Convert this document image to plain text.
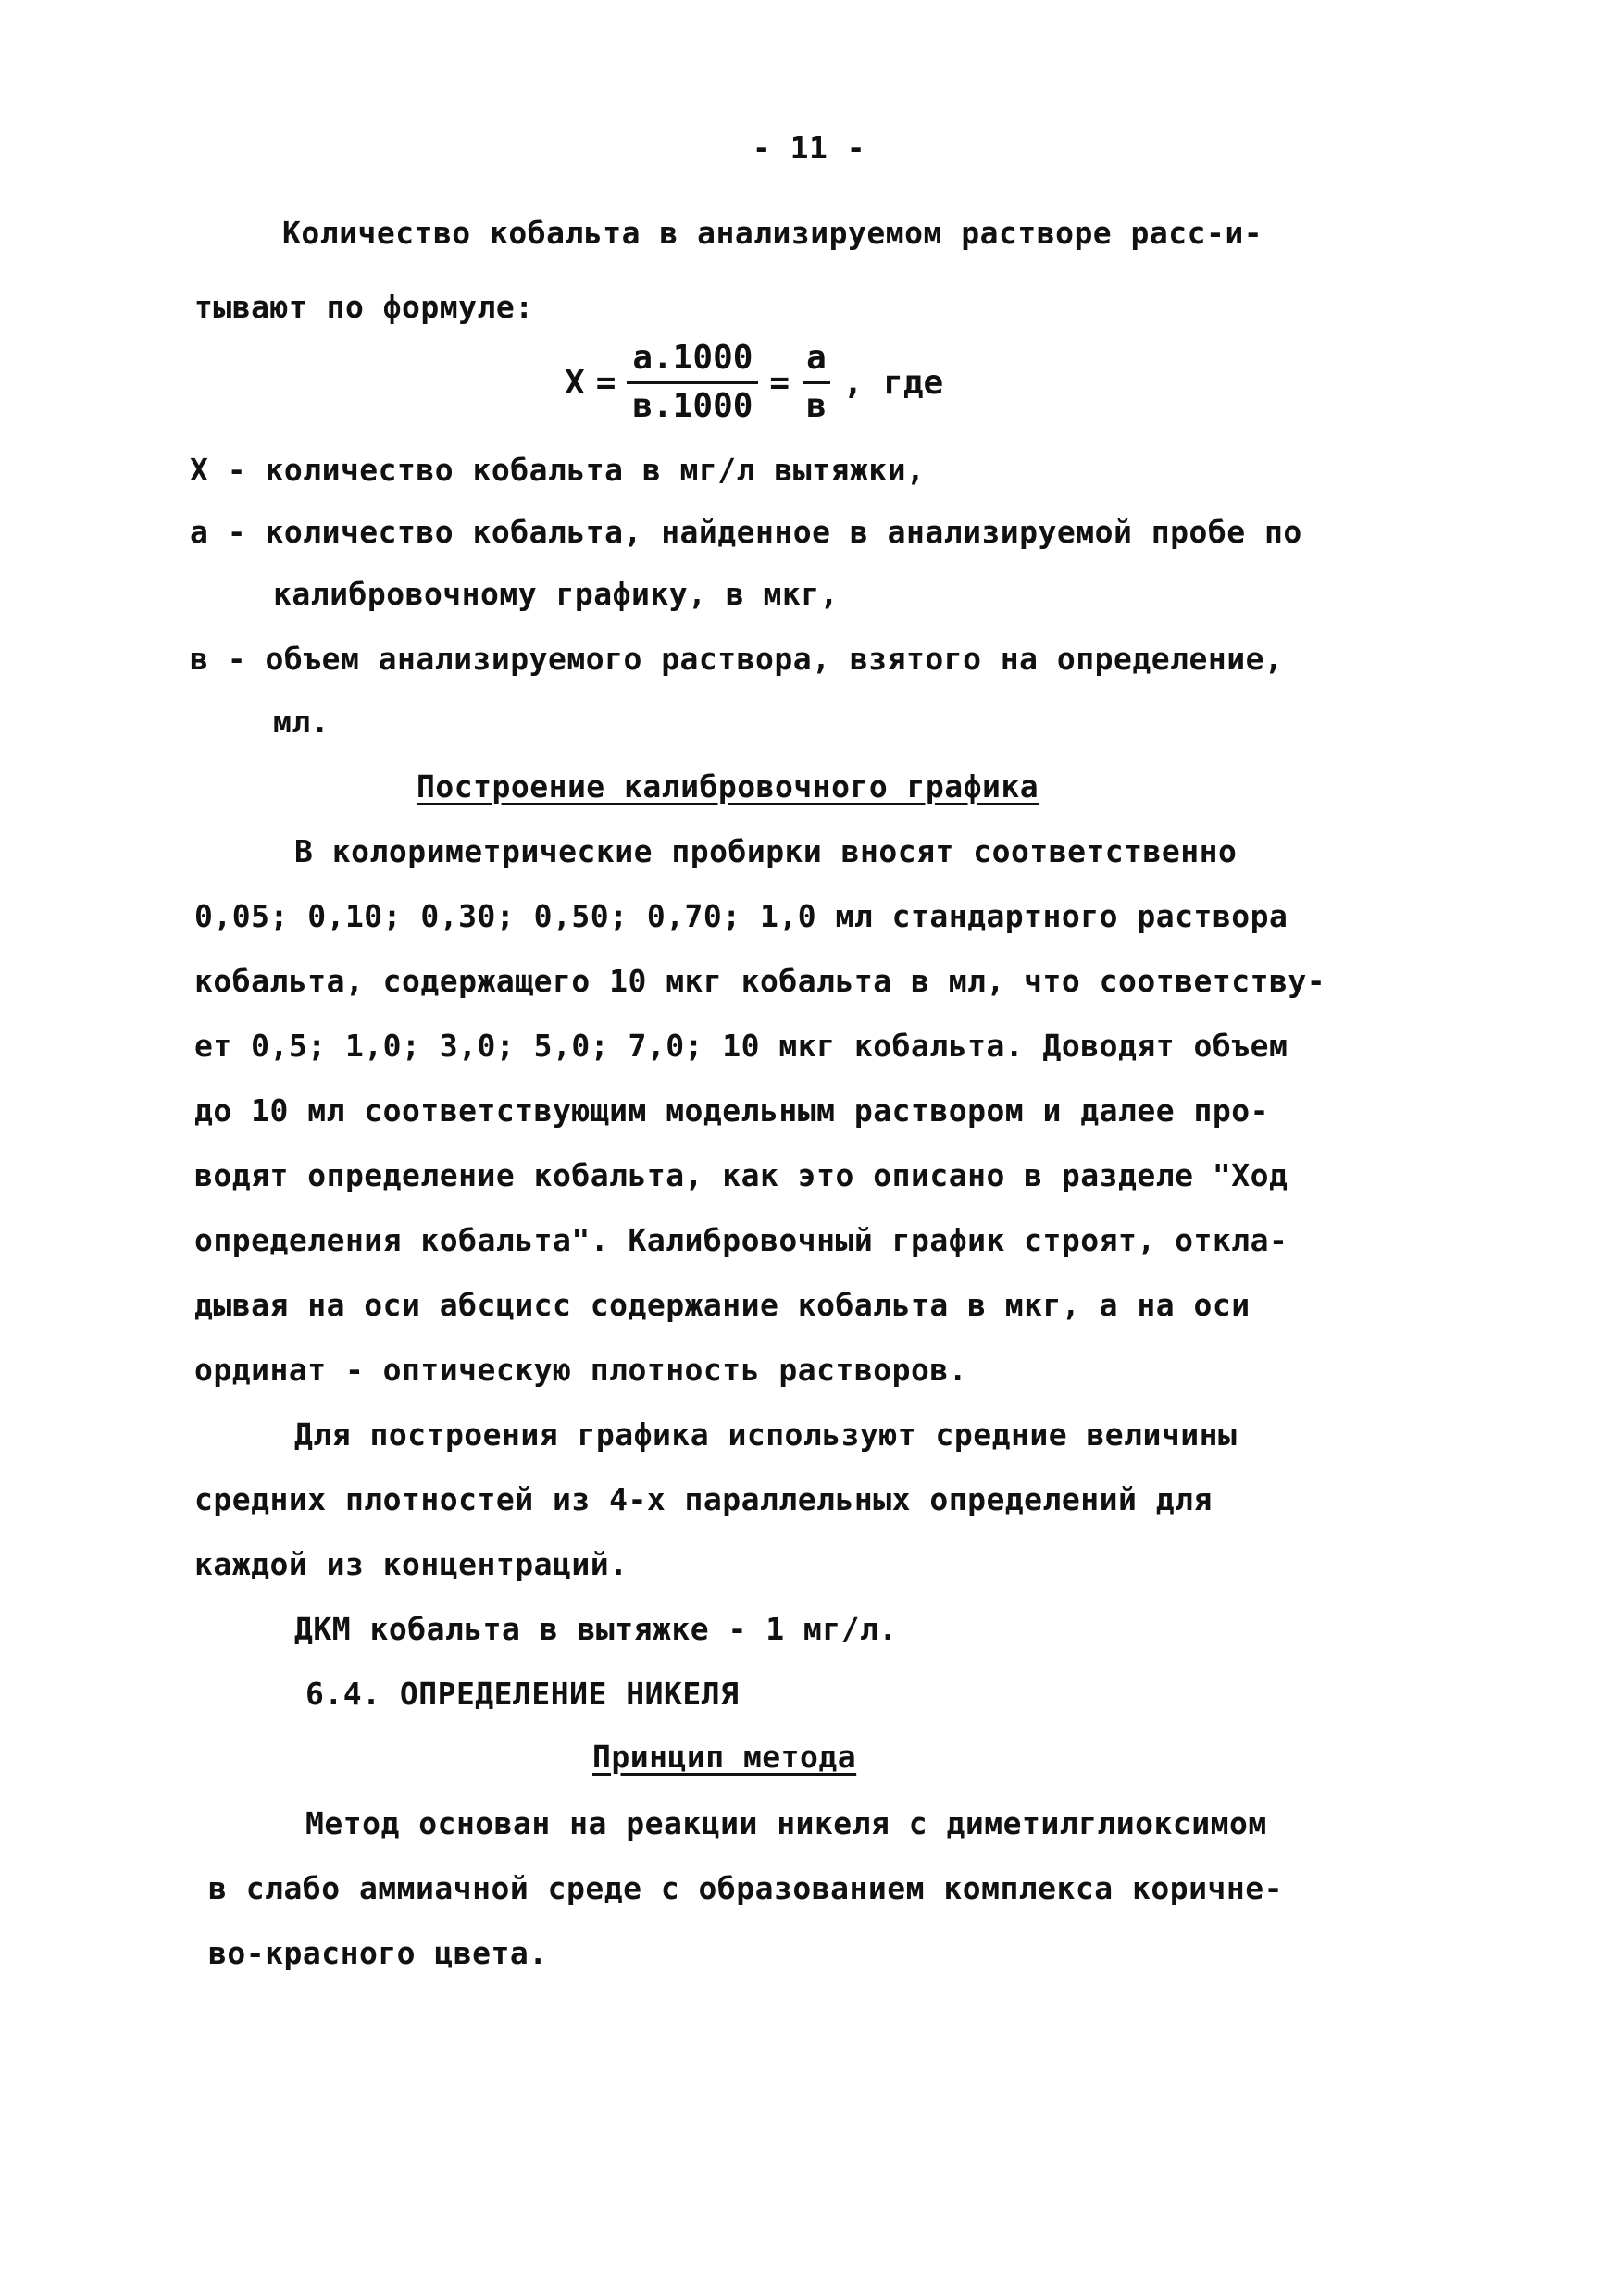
- 11 -
Количество кобальта в анализируемом растворе расс-и-
тывают по формуле:
$X = \frac{a.1000}{в.1000} = \frac{a}{в}$ , где
X - количество кобальта в мг/л вытяжки,
а - количество кобальта, найденное в анализируемой пробе по
калибровочному графику, в мкг,
в - объем анализируемого раствора, взятого на определение,
мл.
Построение калибровочного графика
В колориметрические пробирки вносят соответственно
0,05; 0,10; 0,30; 0,50; 0,70; 1,0 мл стандартного раствора
кобальта, содержащего 10 мкг кобальта в мл, что соответству-
ет 0,5; 1,0; 3,0; 5,0; 7,0; 10 мкг кобальта. Доводят объем
до 10 мл соответствующим модельным раствором и далее про-
водят определение кобальта, как это описано в разделе "Ход
определения кобальта". Калибровочный график строят, откла-
дывая на оси абсцисс содержание кобальта в мкг, а на оси
ординат - оптическую плотность растворов.
Для построения графика используют средние величины
средних плотностей из 4-х параллельных определений для
каждой из концентраций.
ДКМ кобальта в вытяжке - 1 мг/л.
6.4. ОПРЕДЕЛЕНИЕ НИКЕЛЯ
Принцип метода
Метод основан на реакции никеля с диметилглиоксимом
в слабо аммиачной среде с образованием комплекса коричне-
во-красного цвета.
